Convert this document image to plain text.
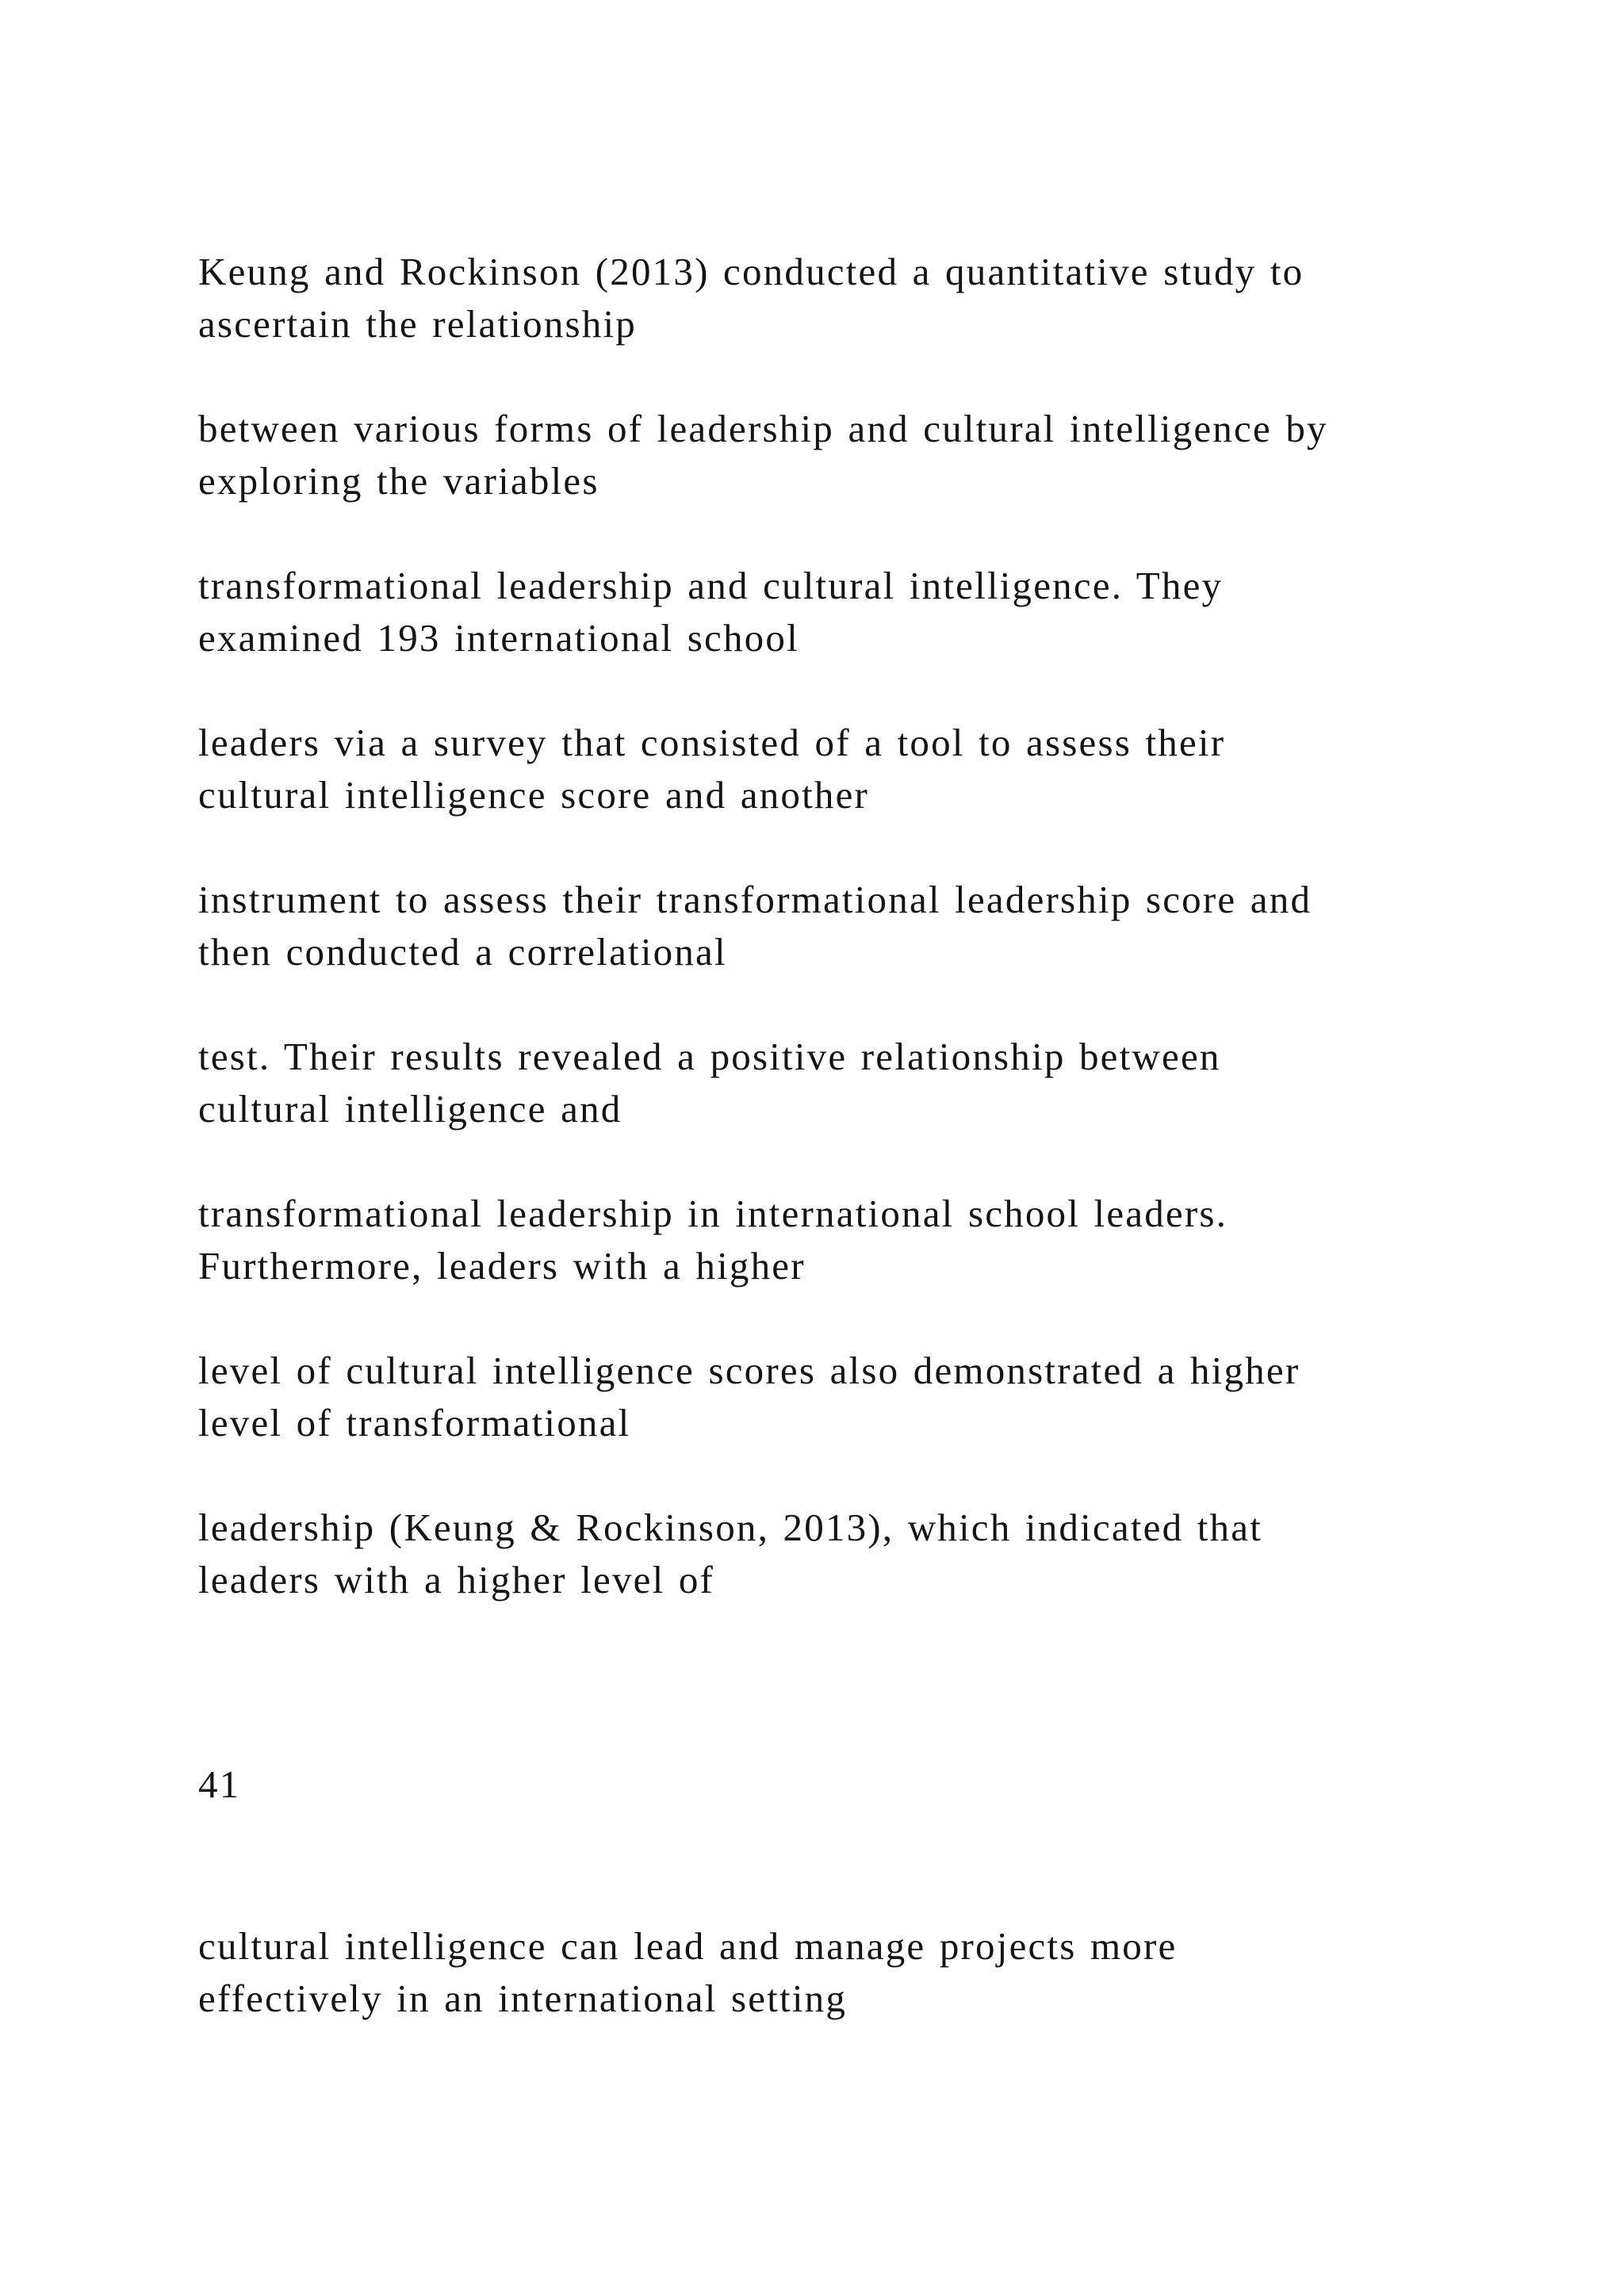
Keung and Rockinson (2013) conducted a quantitative study to
ascertain the relationship

between various forms of leadership and cultural intelligence by
exploring the variables

transformational leadership and cultural intelligence. They
examined 193 international school

leaders via a survey that consisted of a tool to assess their
cultural intelligence score and another

instrument to assess their transformational leadership score and
then conducted a correlational

test. Their results revealed a positive relationship between
cultural intelligence and

transformational leadership in international school leaders.
Furthermore, leaders with a higher

level of cultural intelligence scores also demonstrated a higher
level of transformational

leadership (Keung & Rockinson, 2013), which indicated that
leaders with a higher level of

41

cultural intelligence can lead and manage projects more
effectively in an international setting
